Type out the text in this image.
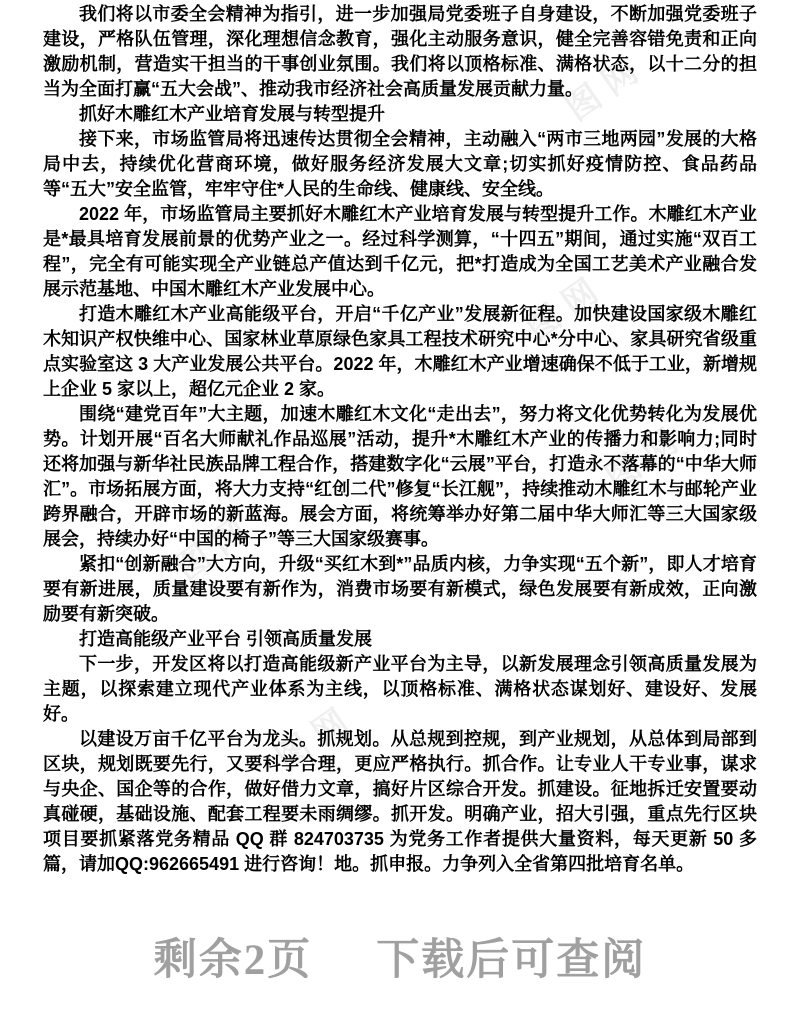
图网
图网
图网
图网
图网

我们将以市委全会精神为指引，进一步加强局党委班子自身建设，不断加强党委班子建设，严格队伍管理，深化理想信念教育，强化主动服务意识，健全完善容错免责和正向激励机制，营造实干担当的干事创业氛围。我们将以顶格标准、满格状态，以十二分的担当为全面打赢“五大会战”、推动我市经济社会高质量发展贡献力量。

抓好木雕红木产业培育发展与转型提升

接下来，市场监管局将迅速传达贯彻全会精神，主动融入“两市三地两园”发展的大格局中去，持续优化营商环境，做好服务经济发展大文章;切实抓好疫情防控、食品药品等“五大”安全监管，牢牢守住*人民的生命线、健康线、安全线。

2022 年，市场监管局主要抓好木雕红木产业培育发展与转型提升工作。木雕红木产业是*最具培育发展前景的优势产业之一。经过科学测算，“十四五”期间，通过实施“双百工程”，完全有可能实现全产业链总产值达到千亿元，把*打造成为全国工艺美术产业融合发展示范基地、中国木雕红木产业发展中心。

打造木雕红木产业高能级平台，开启“千亿产业”发展新征程。加快建设国家级木雕红木知识产权快维中心、国家林业草原绿色家具工程技术研究中心*分中心、家具研究省级重点实验室这 3 大产业发展公共平台。2022 年，木雕红木产业增速确保不低于工业，新增规上企业 5 家以上，超亿元企业 2 家。

围绕“建党百年”大主题，加速木雕红木文化“走出去”，努力将文化优势转化为发展优势。计划开展“百名大师献礼作品巡展”活动，提升*木雕红木产业的传播力和影响力;同时还将加强与新华社民族品牌工程合作，搭建数字化“云展”平台，打造永不落幕的“中华大师汇”。市场拓展方面，将大力支持“红创二代”修复“长江舰”，持续推动木雕红木与邮轮产业跨界融合，开辟市场的新蓝海。展会方面，将统筹举办好第二届中华大师汇等三大国家级展会，持续办好“中国的椅子”等三大国家级赛事。

紧扣“创新融合”大方向，升级“买红木到*”品质内核，力争实现“五个新”，即人才培育要有新进展，质量建设要有新作为，消费市场要有新模式，绿色发展要有新成效，正向激励要有新突破。

打造高能级产业平台 引领高质量发展

下一步，开发区将以打造高能级新产业平台为主导，以新发展理念引领高质量发展为主题，以探索建立现代产业体系为主线，以顶格标准、满格状态谋划好、建设好、发展好。

以建设万亩千亿平台为龙头。抓规划。从总规到控规，到产业规划，从总体到局部到区块，规划既要先行，又要科学合理，更应严格执行。抓合作。让专业人干专业事，谋求与央企、国企等的合作，做好借力文章，搞好片区综合开发。抓建设。征地拆迁安置要动真碰硬，基础设施、配套工程要未雨绸缪。抓开发。明确产业，招大引强，重点先行区块项目要抓紧落党务精品 QQ 群 824703735 为党务工作者提供大量资料，每天更新 50 多篇，请加QQ:962665491 进行咨询！地。抓申报。力争列入全省第四批培育名单。

剩余2页 下载后可查阅
